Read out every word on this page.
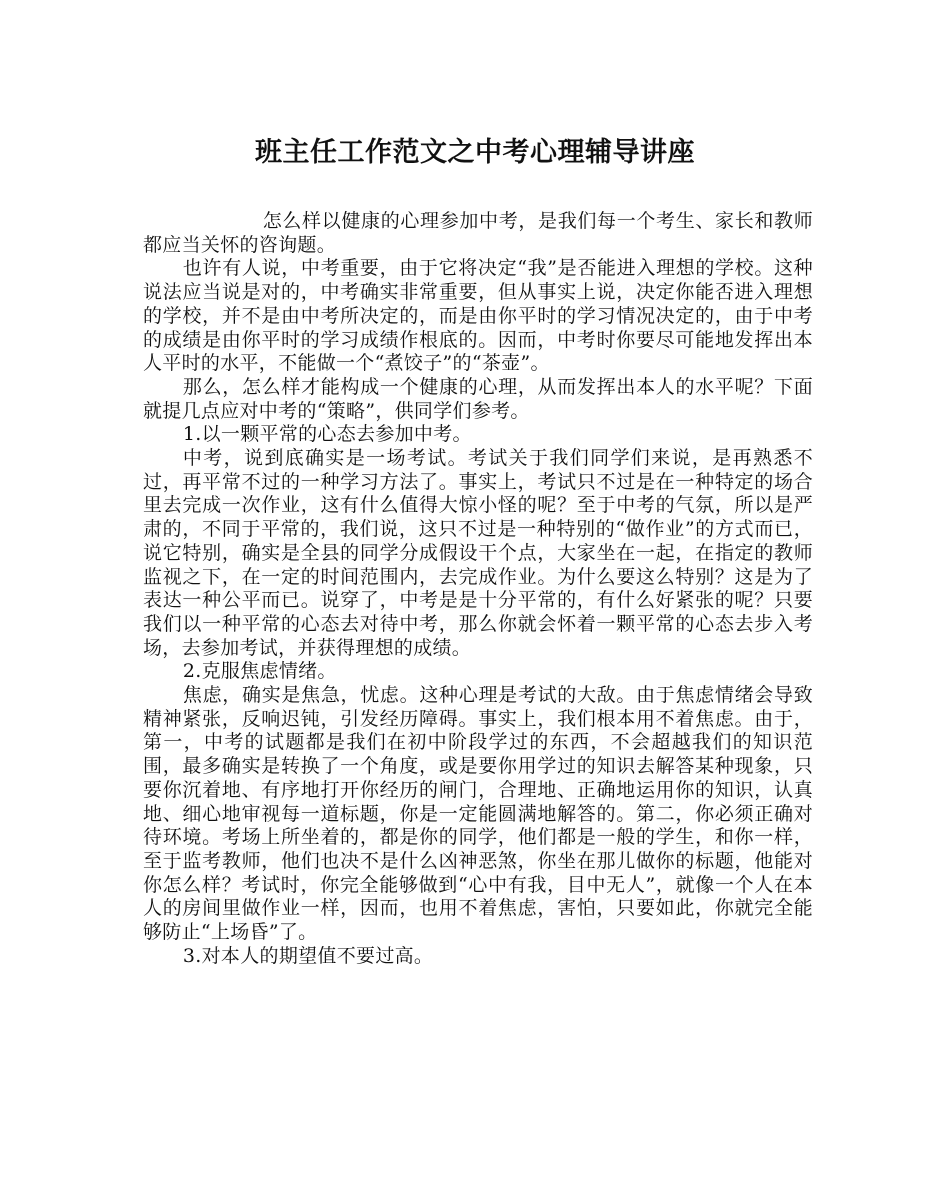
班主任工作范文之中考心理辅导讲座

怎么样以健康的心理参加中考，是我们每一个考生、家长和教师都应当关怀的咨询题。

也许有人说，中考重要，由于它将决定“我”是否能进入理想的学校。这种说法应当说是对的，中考确实非常重要，但从事实上说，决定你能否进入理想的学校，并不是由中考所决定的，而是由你平时的学习情况决定的，由于中考的成绩是由你平时的学习成绩作根底的。因而，中考时你要尽可能地发挥出本人平时的水平，不能做一个“煮饺子”的“茶壶”。

那么，怎么样才能构成一个健康的心理，从而发挥出本人的水平呢？下面就提几点应对中考的“策略”，供同学们参考。

1.以一颗平常的心态去参加中考。

中考，说到底确实是一场考试。考试关于我们同学们来说，是再熟悉不过，再平常不过的一种学习方法了。事实上，考试只不过是在一种特定的场合里去完成一次作业，这有什么值得大惊小怪的呢？至于中考的气氛，所以是严肃的，不同于平常的，我们说，这只不过是一种特别的“做作业”的方式而已，说它特别，确实是全县的同学分成假设干个点，大家坐在一起，在指定的教师监视之下，在一定的时间范围内，去完成作业。为什么要这么特别？这是为了表达一种公平而已。说穿了，中考是是十分平常的，有什么好紧张的呢？只要我们以一种平常的心态去对待中考，那么你就会怀着一颗平常的心态去步入考场，去参加考试，并获得理想的成绩。

2.克服焦虑情绪。

焦虑，确实是焦急，忧虑。这种心理是考试的大敌。由于焦虑情绪会导致精神紧张，反响迟钝，引发经历障碍。事实上，我们根本用不着焦虑。由于，第一，中考的试题都是我们在初中阶段学过的东西，不会超越我们的知识范围，最多确实是转换了一个角度，或是要你用学过的知识去解答某种现象，只要你沉着地、有序地打开你经历的闸门，合理地、正确地运用你的知识，认真地、细心地审视每一道标题，你是一定能圆满地解答的。第二，你必须正确对待环境。考场上所坐着的，都是你的同学，他们都是一般的学生，和你一样，至于监考教师，他们也决不是什么凶神恶煞，你坐在那儿做你的标题，他能对你怎么样？考试时，你完全能够做到“心中有我，目中无人”，就像一个人在本人的房间里做作业一样，因而，也用不着焦虑，害怕，只要如此，你就完全能够防止“上场昏”了。

3.对本人的期望值不要过高。
